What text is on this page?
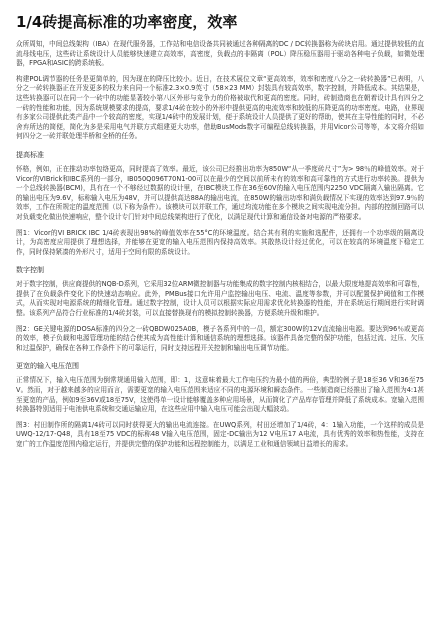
1/4砖提高标准的功率密度，效率

众所周知，中间总线架构（IBA）在现代服务器，工作站和电信设备共同被通过各种隔离的DC / DC转换器称为砖块启用。通过提供较低的直流母线电压，这些砖让系统设计人员能够快速建立高效率，高密度，负载点的非隔离（POL）降压稳压器用于驱动各种电子负载，如微处理器，FPGA和ASIC的跨系统板。

构建POL调节器的任务是更简单的，因为现在的降压比较小。近日，在技术展位文章“更高效率，效率和密度八分之一砖转换器”已表明，八分之一砖转换器正在开发更多的权力来自同一个标准2.3×0.9英寸（58×23 MM）封装具有较高效率，数字控制，并降低成本。其结果是，这些转换器可以在同一个一砖中的功能显著较小第八区外形与竞争力的价格被取代和更高的密度。同时，砖制造商也在朝着设计具有四分之一砖的性能和功能，因为系统规模要求的提高，要求1/4砖在较小的外形中提供更高的电流效率和较低的压降更高的功率密度。电路，业界现有多家公司提供此类产品中一个较高的密度，实现1/4砖中的发展计划，便于系统设计人员提供了更好的帮助，使其在主导性能的同时，不必舍弃所达的简便，简化为多是采用电气并联方式组建更大功率，借助BusMods数字可编程总线转换器，并用Vicor公司等等，本文将介绍如何四分之一砖并联处理半桥和全桥的任务。

提高标准

怀格，例如，正在推动功率包络更高，同时提高了效率。最近，该公司已经推出功率为850W“从一季度砖尺寸”为> 98％的峰值效率。对于Vicor的VIBrick和IBC系列的一部分，IB050Q096T70N1-00可以在最少的空间以前所未有的效率和高可靠性的方式进行功率转换。提供为一个总线转换器(BCM)，具有在一个不够经过数据的设计里，在IBC模块工作在36至60V的输入电压范围内2250 VDC隔离入输出隔离。它的输出电压为9.6V，标称输入电压为48V，并可以提供高达88A的输出电流，在850W的输出功率和满负载情况下实现的效率达到97.9％的效率，工作在所规定的温度范围（以下称为条件）。该模块可以并联工作，通过均流功能在多个模块之间实现电流分担。内部的控制回路可以对负载变化做出快速响应，整个设计专门针对中间总线架构进行了优化，以满足现代计算和通信设备对电源的严格要求。

图1：Vicor的VI BRICK IBC 1/4砖表现出98%的峰值效率在55°C的环境温度。结合其有利的实施和选配件，还拥有一个功率级的隔离设计，为高密度应用提供了理想选择，并能够在更宽的输入电压范围内保持高效率。其散热设计经过优化，可以在较高的环境温度下稳定工作，同时保持紧凑的外形尺寸，适用于空间有限的系统设计。

数字控制

对于数字控制，供应商提供的NQB-D系列，它采用32位ARM微控制器与功能集成的数字控制内核相结合，以最大限度地提高效率和可靠性，提供了在负载条件变化下的快速动态响应。此外，PMBus接口允许用户监控输出电压、电流、温度等参数，并可以配置保护阈值和工作模式，从而实现对电源系统的精细化管理。通过数字控制，设计人员可以根据实际应用需求优化转换器的性能，并在系统运行期间进行实时调整。该系列产品符合行业标准的1/4砖封装，可以直接替换现有的模拟控制转换器，方便系统升级和维护。

图2：GE关键电源的DOSA标准的四分之一砖QBDW025A0B，模子各系列中的一员，额定300W的12V直流输出电源。要达到96％或更高的效率，模子负载和电源管理功能的结合使其成为高性能计算和通信系统的理想选择。该器件具备完整的保护功能，包括过流、过压、欠压和过温保护，确保在各种工作条件下的可靠运行，同时支持远程开关控制和输出电压调节功能。

更宽的输入电压范围

正常情况下，输入电压范围为倒常规通用输入范围，即：1，这意味着最大工作电压约为最小值的两倍，典型的例子是18至36 V和36至75 V。然而，对于越来越多的应用而言，需要更宽的输入电压范围来适应不同的电源环境和瞬态条件。一些制造商已经推出了输入范围为4:1甚至更宽的产品，例如9至36V或18至75V，这使得单一设计能够覆盖多种应用场景，从而简化了产品库存管理并降低了系统成本。宽输入范围转换器特别适用于电池供电系统和交通运输应用，在这些应用中输入电压可能会出现大幅波动。

图3：村田制作所的隔离1/4砖可以同时获得更大的输出电流连接。在UWQ系列，村田还增加了1/4砖，4：1输入功能，一个这样的成员是UWQ-12/17-Q48，具有18至75 VDC的标称48 V输入电压范围，固定-DC输出为12 V电压17 A电流，具有优秀的效率和热性能，支持在宽广的工作温度范围内稳定运行，并提供完整的保护功能和远程控制能力，以满足工业和通信领域日益增长的需求。
